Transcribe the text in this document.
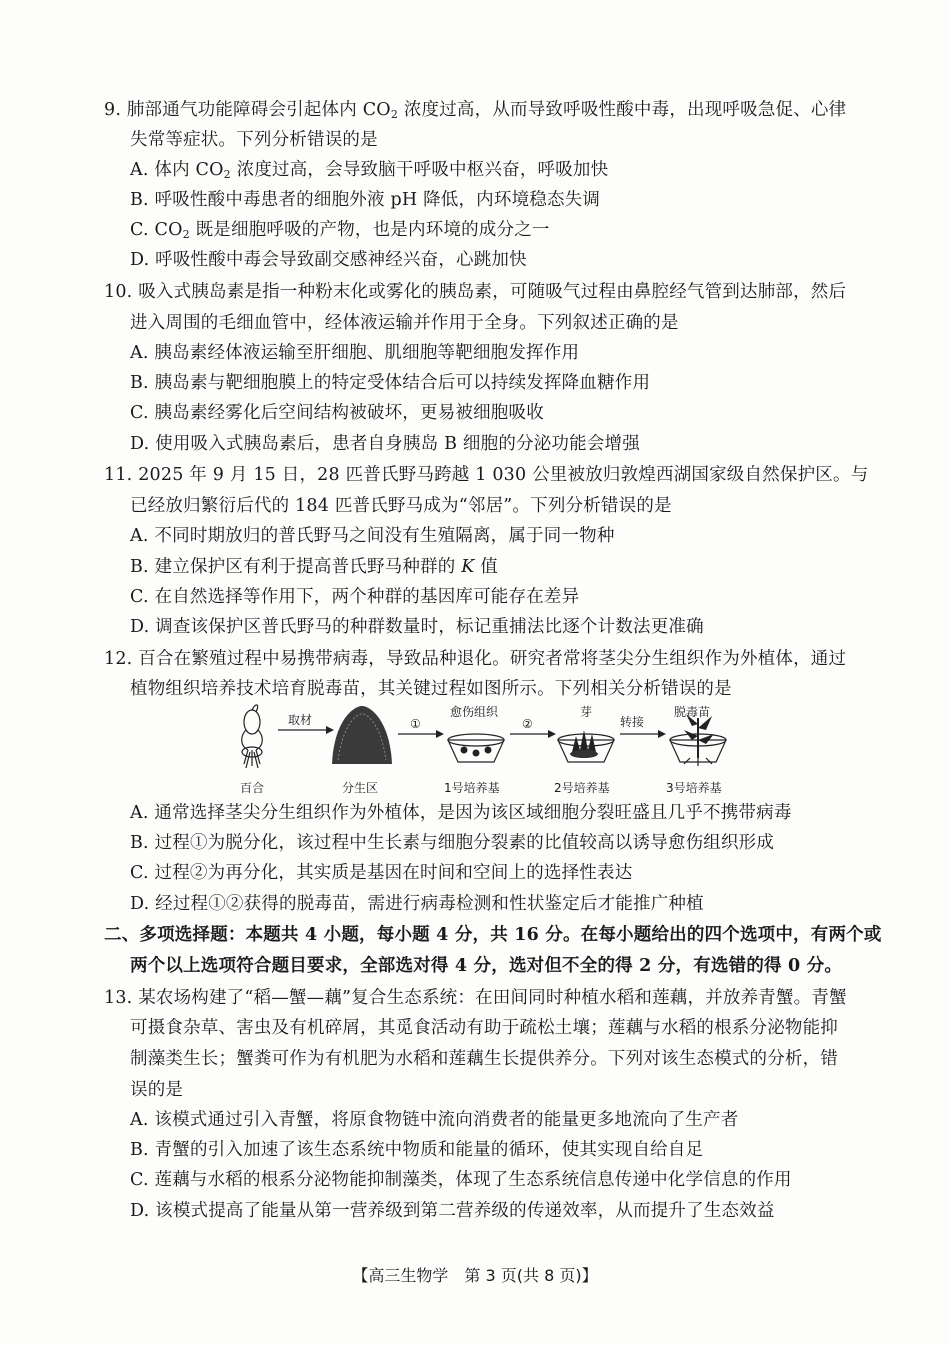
9. 肺部通气功能障碍会引起体内 $CO_2$ 浓度过高，从而导致呼吸性酸中毒，出现呼吸急促、心律
失常等症状。下列分析错误的是
A. 体内 $CO_2$ 浓度过高，会导致脑干呼吸中枢兴奋，呼吸加快
B. 呼吸性酸中毒患者的细胞外液 pH 降低，内环境稳态失调
C. $CO_2$ 既是细胞呼吸的产物，也是内环境的成分之一
D. 呼吸性酸中毒会导致副交感神经兴奋，心跳加快
10. 吸入式胰岛素是指一种粉末化或雾化的胰岛素，可随吸气过程由鼻腔经气管到达肺部，然后
进入周围的毛细血管中，经体液运输并作用于全身。下列叙述正确的是
A. 胰岛素经体液运输至肝细胞、肌细胞等靶细胞发挥作用
B. 胰岛素与靶细胞膜上的特定受体结合后可以持续发挥降血糖作用
C. 胰岛素经雾化后空间结构被破坏，更易被细胞吸收
D. 使用吸入式胰岛素后，患者自身胰岛 B 细胞的分泌功能会增强
11. 2025 年 9 月 15 日，28 匹普氏野马跨越 1 030 公里被放归敦煌西湖国家级自然保护区。与
已经放归繁衍后代的 184 匹普氏野马成为“邻居”。下列分析错误的是
A. 不同时期放归的普氏野马之间没有生殖隔离，属于同一物种
B. 建立保护区有利于提高普氏野马种群的 K 值
C. 在自然选择等作用下，两个种群的基因库可能存在差异
D. 调查该保护区普氏野马的种群数量时，标记重捕法比逐个计数法更准确
12. 百合在繁殖过程中易携带病毒，导致品种退化。研究者常将茎尖分生组织作为外植体，通过
植物组织培养技术培育脱毒苗，其关键过程如图所示。下列相关分析错误的是
百合
取材
分生区
①
愈伤组织
1号培养基
②
芽
2号培养基
转接
脱毒苗
3号培养基
A. 通常选择茎尖分生组织作为外植体，是因为该区域细胞分裂旺盛且几乎不携带病毒
B. 过程①为脱分化，该过程中生长素与细胞分裂素的比值较高以诱导愈伤组织形成
C. 过程②为再分化，其实质是基因在时间和空间上的选择性表达
D. 经过程①②获得的脱毒苗，需进行病毒检测和性状鉴定后才能推广种植
二、多项选择题：本题共 4 小题，每小题 4 分，共 16 分。在每小题给出的四个选项中，有两个或
两个以上选项符合题目要求，全部选对得 4 分，选对但不全的得 2 分，有选错的得 0 分。
13. 某农场构建了“稻—蟹—藕”复合生态系统：在田间同时种植水稻和莲藕，并放养青蟹。青蟹
可摄食杂草、害虫及有机碎屑，其觅食活动有助于疏松土壤；莲藕与水稻的根系分泌物能抑
制藻类生长；蟹粪可作为有机肥为水稻和莲藕生长提供养分。下列对该生态模式的分析，错
误的是
A. 该模式通过引入青蟹，将原食物链中流向消费者的能量更多地流向了生产者
B. 青蟹的引入加速了该生态系统中物质和能量的循环，使其实现自给自足
C. 莲藕与水稻的根系分泌物能抑制藻类，体现了生态系统信息传递中化学信息的作用
D. 该模式提高了能量从第一营养级到第二营养级的传递效率，从而提升了生态效益
【高三生物学　第 3 页(共 8 页)】
